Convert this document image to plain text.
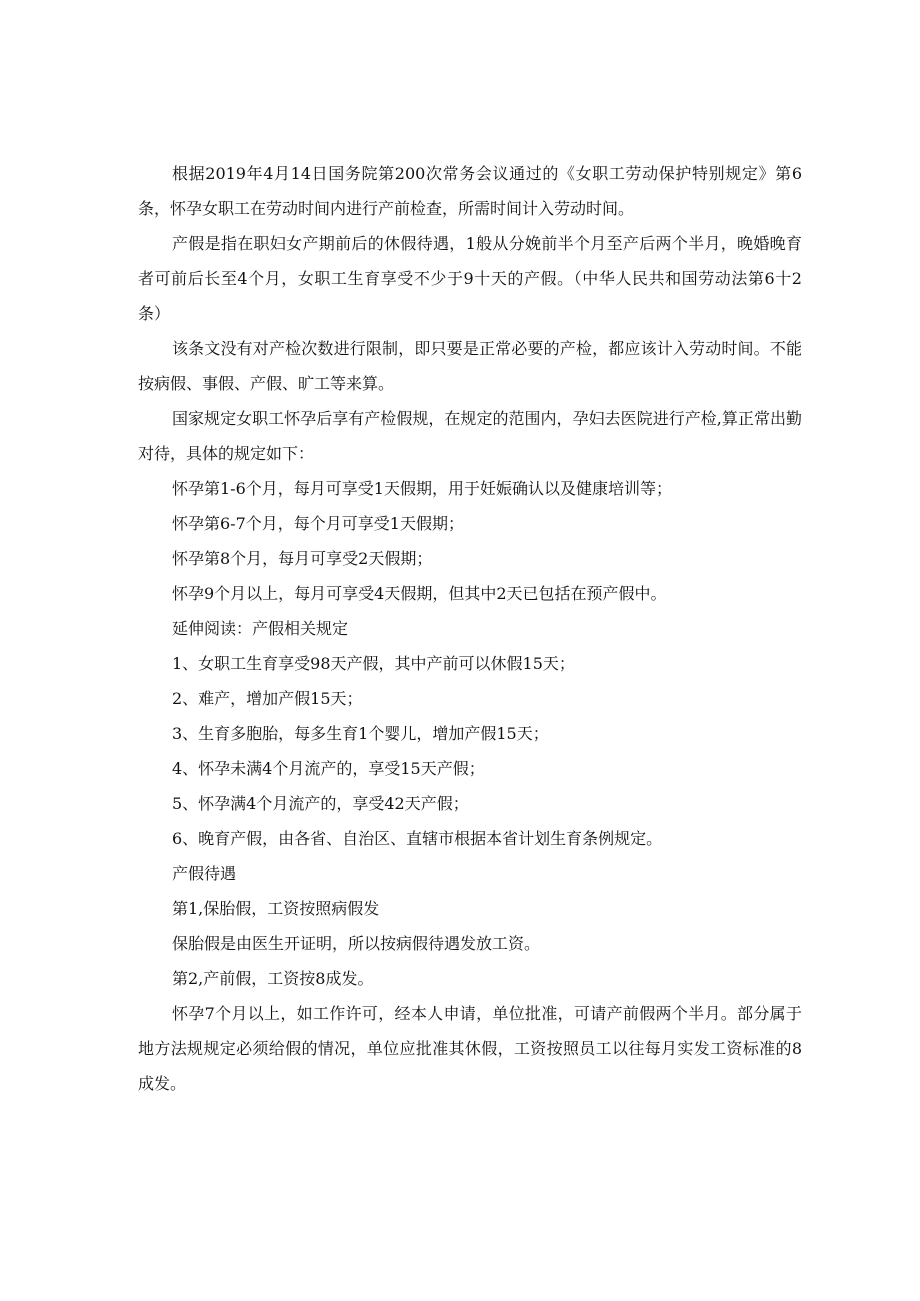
根据2019年4月14日国务院第200次常务会议通过的《女职工劳动保护特别规定》第6条，怀孕女职工在劳动时间内进行产前检查，所需时间计入劳动时间。

产假是指在职妇女产期前后的休假待遇，1般从分娩前半个月至产后两个半月，晚婚晚育者可前后长至4个月，女职工生育享受不少于9十天的产假。（中华人民共和国劳动法第6十2条）

该条文没有对产检次数进行限制，即只要是正常必要的产检，都应该计入劳动时间。不能按病假、事假、产假、旷工等来算。

国家规定女职工怀孕后享有产检假规，在规定的范围内，孕妇去医院进行产检,算正常出勤对待，具体的规定如下：

怀孕第1-6个月，每月可享受1天假期，用于妊娠确认以及健康培训等；

怀孕第6-7个月，每个月可享受1天假期；

怀孕第8个月，每月可享受2天假期；

怀孕9个月以上，每月可享受4天假期，但其中2天已包括在预产假中。

延伸阅读：产假相关规定

1、女职工生育享受98天产假，其中产前可以休假15天；

2、难产，增加产假15天；

3、生育多胞胎，每多生育1个婴儿，增加产假15天；

4、怀孕未满4个月流产的，享受15天产假；

5、怀孕满4个月流产的，享受42天产假；

6、晚育产假，由各省、自治区、直辖市根据本省计划生育条例规定。

产假待遇

第1,保胎假，工资按照病假发

保胎假是由医生开证明，所以按病假待遇发放工资。

第2,产前假，工资按8成发。

怀孕7个月以上，如工作许可，经本人申请，单位批准，可请产前假两个半月。部分属于地方法规规定必须给假的情况，单位应批准其休假，工资按照员工以往每月实发工资标准的8成发。
